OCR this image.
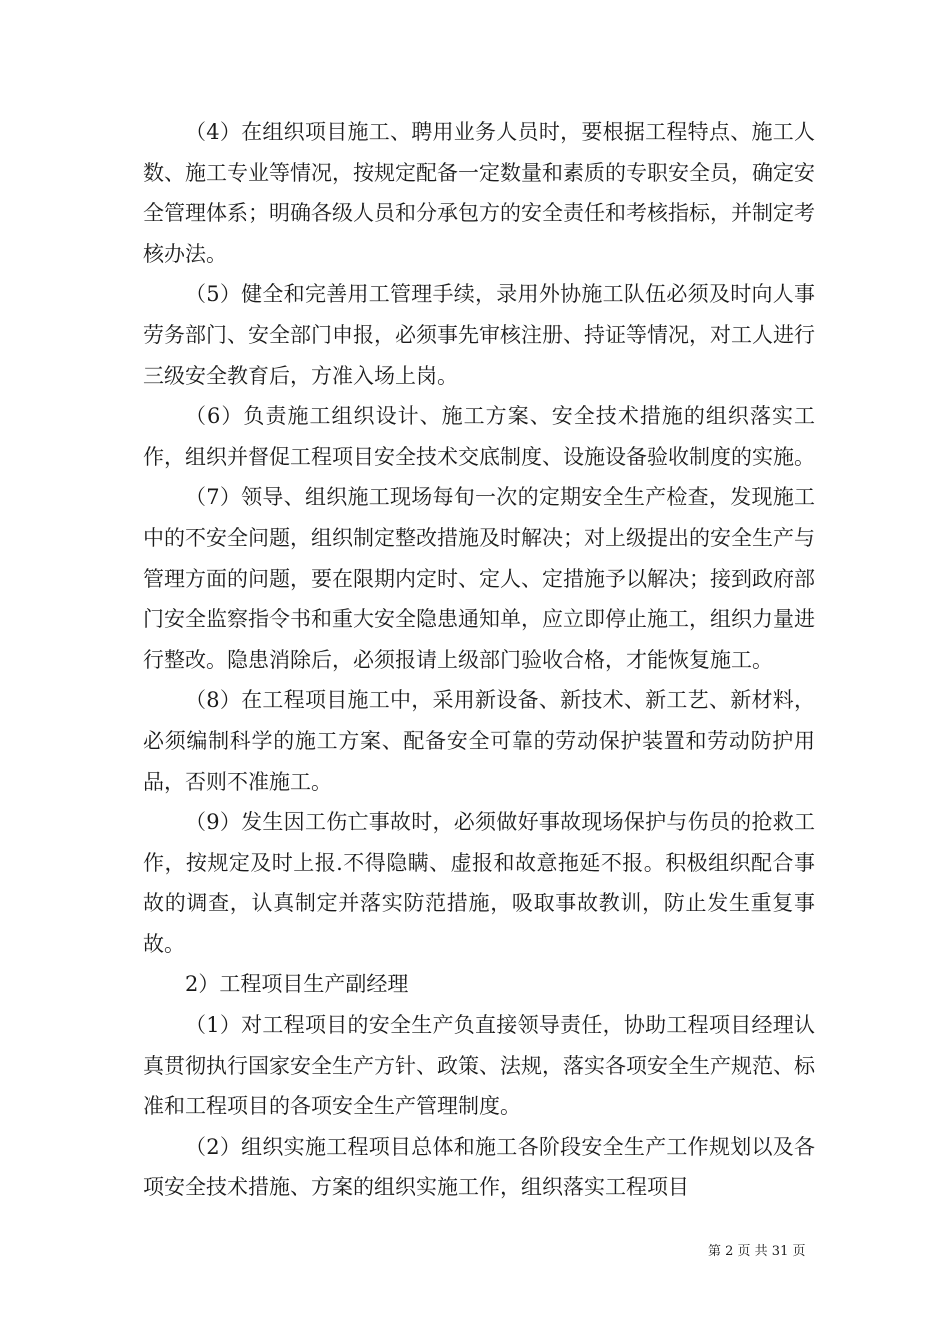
（4）在组织项目施工、聘用业务人员时，要根据工程特点、施工人数、施工专业等情况，按规定配备一定数量和素质的专职安全员，确定安全管理体系；明确各级人员和分承包方的安全责任和考核指标，并制定考核办法。

（5）健全和完善用工管理手续，录用外协施工队伍必须及时向人事劳务部门、安全部门申报，必须事先审核注册、持证等情况，对工人进行三级安全教育后，方准入场上岗。

（6）负责施工组织设计、施工方案、安全技术措施的组织落实工作，组织并督促工程项目安全技术交底制度、设施设备验收制度的实施。

（7）领导、组织施工现场每旬一次的定期安全生产检查，发现施工中的不安全问题，组织制定整改措施及时解决；对上级提出的安全生产与管理方面的问题，要在限期内定时、定人、定措施予以解决；接到政府部门安全监察指令书和重大安全隐患通知单，应立即停止施工，组织力量进行整改。隐患消除后，必须报请上级部门验收合格，才能恢复施工。

（8）在工程项目施工中，采用新设备、新技术、新工艺、新材料，必须编制科学的施工方案、配备安全可靠的劳动保护装置和劳动防护用品，否则不准施工。

（9）发生因工伤亡事故时，必须做好事故现场保护与伤员的抢救工作，按规定及时上报.不得隐瞒、虚报和故意拖延不报。积极组织配合事故的调查，认真制定并落实防范措施，吸取事故教训，防止发生重复事故。

2）工程项目生产副经理

（1）对工程项目的安全生产负直接领导责任，协助工程项目经理认真贯彻执行国家安全生产方针、政策、法规，落实各项安全生产规范、标准和工程项目的各项安全生产管理制度。

（2）组织实施工程项目总体和施工各阶段安全生产工作规划以及各项安全技术措施、方案的组织实施工作，组织落实工程项目

第 2 页 共 31 页
